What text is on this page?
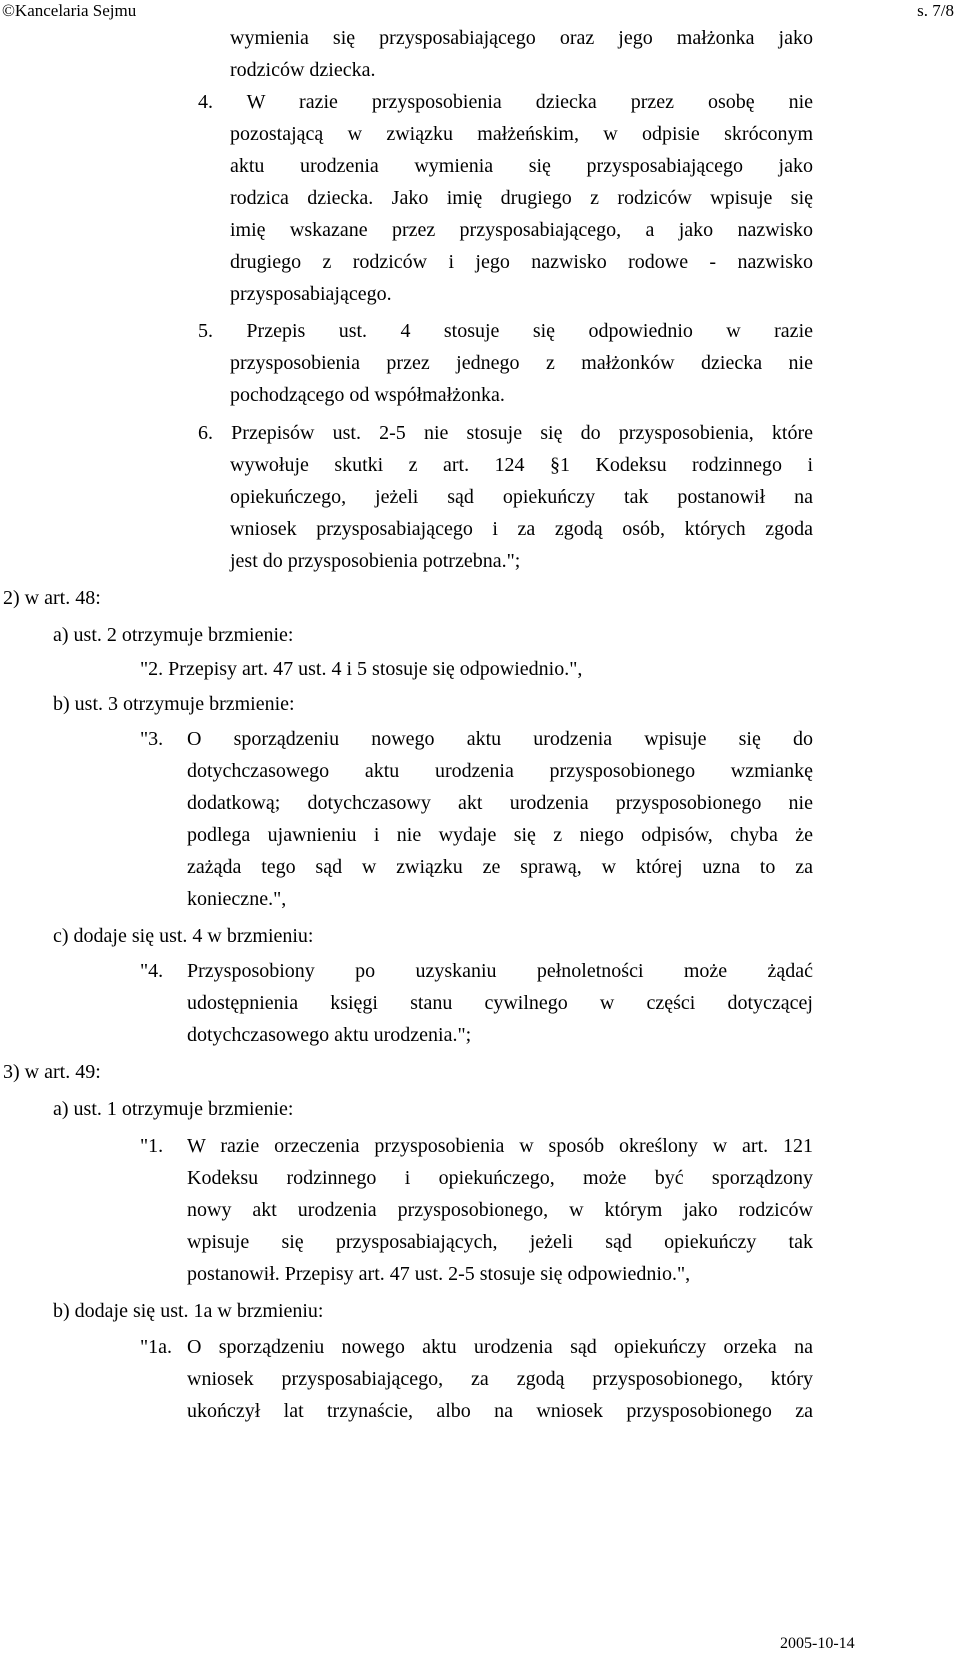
©Kancelaria Sejmu	s. 7/8
wymienia się przysposabiającego oraz jego małżonka jako
rodziców dziecka.
4. W razie przysposobienia dziecka przez osobę nie
pozostającą w związku małżeńskim, w odpisie skróconym
aktu urodzenia wymienia się przysposabiającego jako
rodzica dziecka. Jako imię drugiego z rodziców wpisuje się
imię wskazane przez przysposabiającego, a jako nazwisko
drugiego z rodziców i jego nazwisko rodowe - nazwisko
przysposabiającego.
5. Przepis ust. 4 stosuje się odpowiednio w razie
przysposobienia przez jednego z małżonków dziecka nie
pochodzącego od współmałżonka.
6. Przepisów ust. 2-5 nie stosuje się do przysposobienia, które
wywołuje skutki z art. 124 §1 Kodeksu rodzinnego i
opiekuńczego, jeżeli sąd opiekuńczy tak postanowił na
wniosek przysposabiającego i za zgodą osób, których zgoda
jest do przysposobienia potrzebna.";
2) w art. 48:
a) ust. 2 otrzymuje brzmienie:
"2. Przepisy art. 47 ust. 4 i 5 stosuje się odpowiednio.",
b) ust. 3 otrzymuje brzmienie:
"3. O sporządzeniu nowego aktu urodzenia wpisuje się do
dotychczasowego aktu urodzenia przysposobionego wzmiankę
dodatkową; dotychczasowy akt urodzenia przysposobionego nie
podlega ujawnieniu i nie wydaje się z niego odpisów, chyba że
zażąda tego sąd w związku ze sprawą, w której uzna to za
konieczne.",
c) dodaje się ust. 4 w brzmieniu:
"4. Przysposobiony po uzyskaniu pełnoletności może żądać
udostępnienia księgi stanu cywilnego w części dotyczącej
dotychczasowego aktu urodzenia.";
3) w art. 49:
a) ust. 1 otrzymuje brzmienie:
"1. W razie orzeczenia przysposobienia w sposób określony w art. 121
Kodeksu rodzinnego i opiekuńczego, może być sporządzony
nowy akt urodzenia przysposobionego, w którym jako rodziców
wpisuje się przysposabiających, jeżeli sąd opiekuńczy tak
postanowił. Przepisy art. 47 ust. 2-5 stosuje się odpowiednio.",
b) dodaje się ust. 1a w brzmieniu:
"1a. O sporządzeniu nowego aktu urodzenia sąd opiekuńczy orzeka na
wniosek przysposabiającego, za zgodą przysposobionego, który
ukończył lat trzynaście, albo na wniosek przysposobionego za
2005-10-14
